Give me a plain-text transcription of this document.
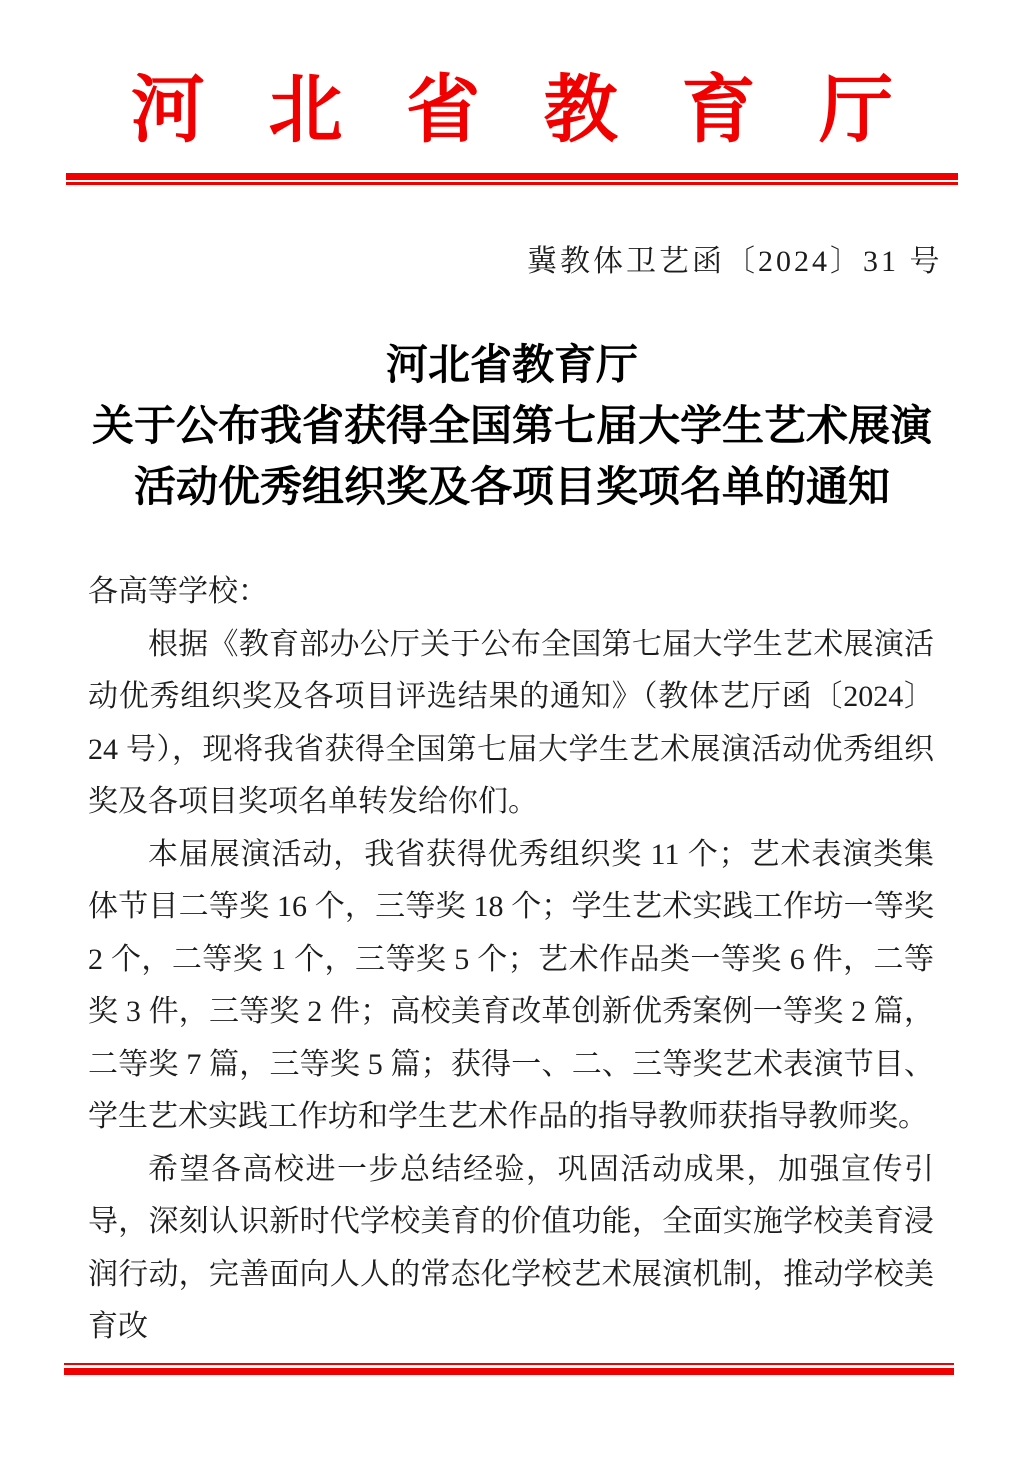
河北省教育厅
冀教体卫艺函〔2024〕31 号
河北省教育厅
关于公布我省获得全国第七届大学生艺术展演
活动优秀组织奖及各项目奖项名单的通知

各高等学校：

根据《教育部办公厅关于公布全国第七届大学生艺术展演活动优秀组织奖及各项目评选结果的通知》（教体艺厅函〔2024〕24 号），现将我省获得全国第七届大学生艺术展演活动优秀组织奖及各项目奖项名单转发给你们。

本届展演活动，我省获得优秀组织奖 11 个；艺术表演类集体节目二等奖 16 个，三等奖 18 个；学生艺术实践工作坊一等奖 2 个，二等奖 1 个，三等奖 5 个；艺术作品类一等奖 6 件，二等奖 3 件，三等奖 2 件；高校美育改革创新优秀案例一等奖 2 篇，二等奖 7 篇，三等奖 5 篇；获得一、二、三等奖艺术表演节目、学生艺术实践工作坊和学生艺术作品的指导教师获指导教师奖。

希望各高校进一步总结经验，巩固活动成果，加强宣传引导，深刻认识新时代学校美育的价值功能，全面实施学校美育浸润行动，完善面向人人的常态化学校艺术展演机制，推动学校美育改
